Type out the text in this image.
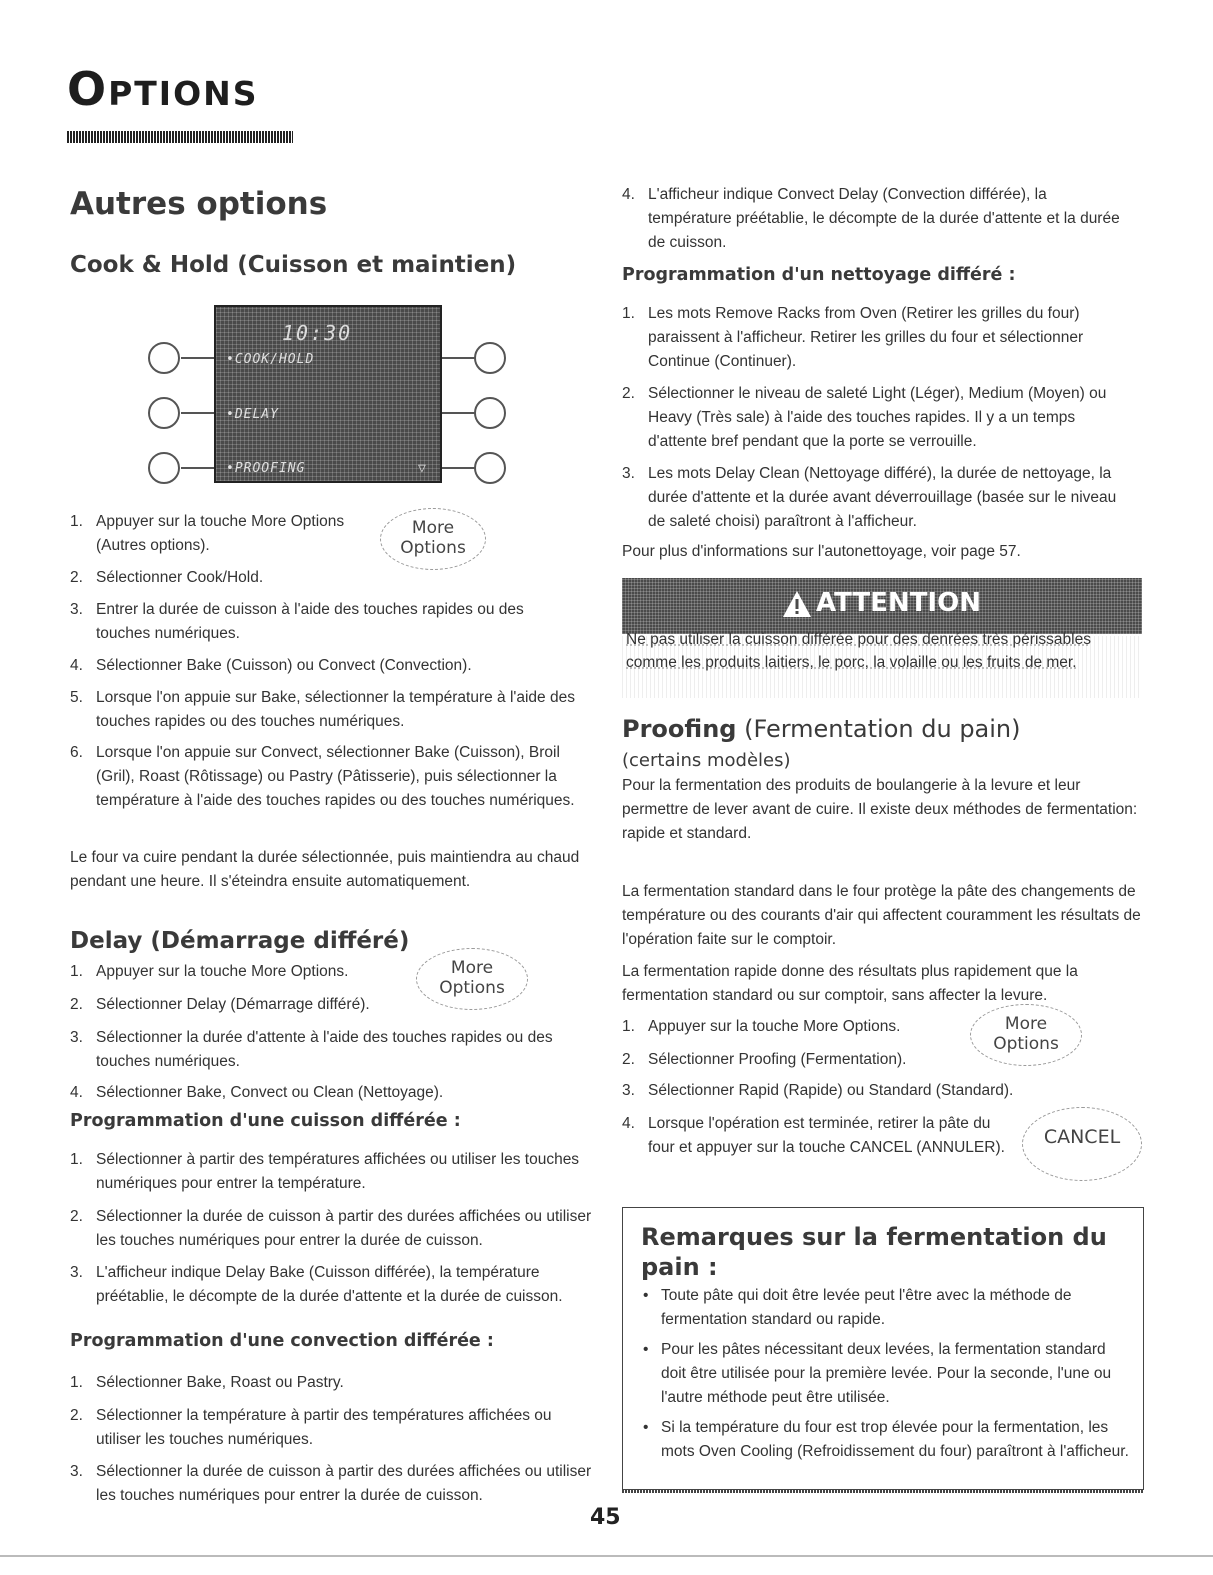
OPTIONS
Autres options
Cook & Hold (Cuisson et maintien)
10:30
•COOK/HOLD
•DELAY
•PROOFING	▽
1. Appuyer sur la touche More Options (Autres options).
More
Options
2. Sélectionner Cook/Hold.
3. Entrer la durée de cuisson à l'aide des touches rapides ou des touches numériques.
4. Sélectionner Bake (Cuisson) ou Convect (Convection).
5. Lorsque l'on appuie sur Bake, sélectionner la température à l'aide des touches rapides ou des touches numériques.
6. Lorsque l'on appuie sur Convect, sélectionner Bake (Cuisson), Broil (Gril), Roast (Rôtissage) ou Pastry (Pâtisserie), puis sélectionner la température à l'aide des touches rapides ou des touches numériques.
Le four va cuire pendant la durée sélectionnée, puis maintiendra au chaud pendant une heure. Il s'éteindra ensuite automatiquement.
Delay (Démarrage différé)
1. Appuyer sur la touche More Options.	More
Options
2. Sélectionner Delay (Démarrage différé).
3. Sélectionner la durée d'attente à l'aide des touches rapides ou des touches numériques.
4. Sélectionner Bake, Convect ou Clean (Nettoyage).
Programmation d'une cuisson différée :
1. Sélectionner à partir des températures affichées ou utiliser les touches numériques pour entrer la température.
2. Sélectionner la durée de cuisson à partir des durées affichées ou utiliser les touches numériques pour entrer la durée de cuisson.
3. L'afficheur indique Delay Bake (Cuisson différée), la température préétablie, le décompte de la durée d'attente et la durée de cuisson.
Programmation d'une convection différée :
1. Sélectionner Bake, Roast ou Pastry.
2. Sélectionner la température à partir des températures affichées ou utiliser les touches numériques.
3. Sélectionner la durée de cuisson à partir des durées affichées ou utiliser les touches numériques pour entrer la durée de cuisson.
4. L'afficheur indique Convect Delay (Convection différée), la température préétablie, le décompte de la durée d'attente et la durée de cuisson.
Programmation d'un nettoyage différé :
1. Les mots Remove Racks from Oven (Retirer les grilles du four) paraissent à l'afficheur. Retirer les grilles du four et sélectionner Continue (Continuer).
2. Sélectionner le niveau de saleté Light (Léger), Medium (Moyen) ou Heavy (Très sale) à l'aide des touches rapides. Il y a un temps d'attente bref pendant que la porte se verrouille.
3. Les mots Delay Clean (Nettoyage différé), la durée de nettoyage, la durée d'attente et la durée avant déverrouillage (basée sur le niveau de saleté choisi) paraîtront à l'afficheur.
Pour plus d'informations sur l'autonettoyage, voir page 57.
ATTENTION
Ne pas utiliser la cuisson différée pour des denrées très périssables comme les produits laitiers, le porc, la volaille ou les fruits de mer.
Proofing (Fermentation du pain)
(certains modèles)
Pour la fermentation des produits de boulangerie à la levure et leur permettre de lever avant de cuire. Il existe deux méthodes de fermentation: rapide et standard.
La fermentation standard dans le four protège la pâte des changements de température ou des courants d'air qui affectent couramment les résultats de l'opération faite sur le comptoir.
La fermentation rapide donne des résultats plus rapidement que la fermentation standard ou sur comptoir, sans affecter la levure.
1. Appuyer sur la touche More Options.	More
Options
2. Sélectionner Proofing (Fermentation).
3. Sélectionner Rapid (Rapide) ou Standard (Standard).
4. Lorsque l'opération est terminée, retirer la pâte du four et appuyer sur la touche CANCEL (ANNULER).	CANCEL
Remarques sur la fermentation du pain :
• Toute pâte qui doit être levée peut l'être avec la méthode de fermentation standard ou rapide.
• Pour les pâtes nécessitant deux levées, la fermentation standard doit être utilisée pour la première levée. Pour la seconde, l'une ou l'autre méthode peut être utilisée.
• Si la température du four est trop élevée pour la fermentation, les mots Oven Cooling (Refroidissement du four) paraîtront à l'afficheur.
45
